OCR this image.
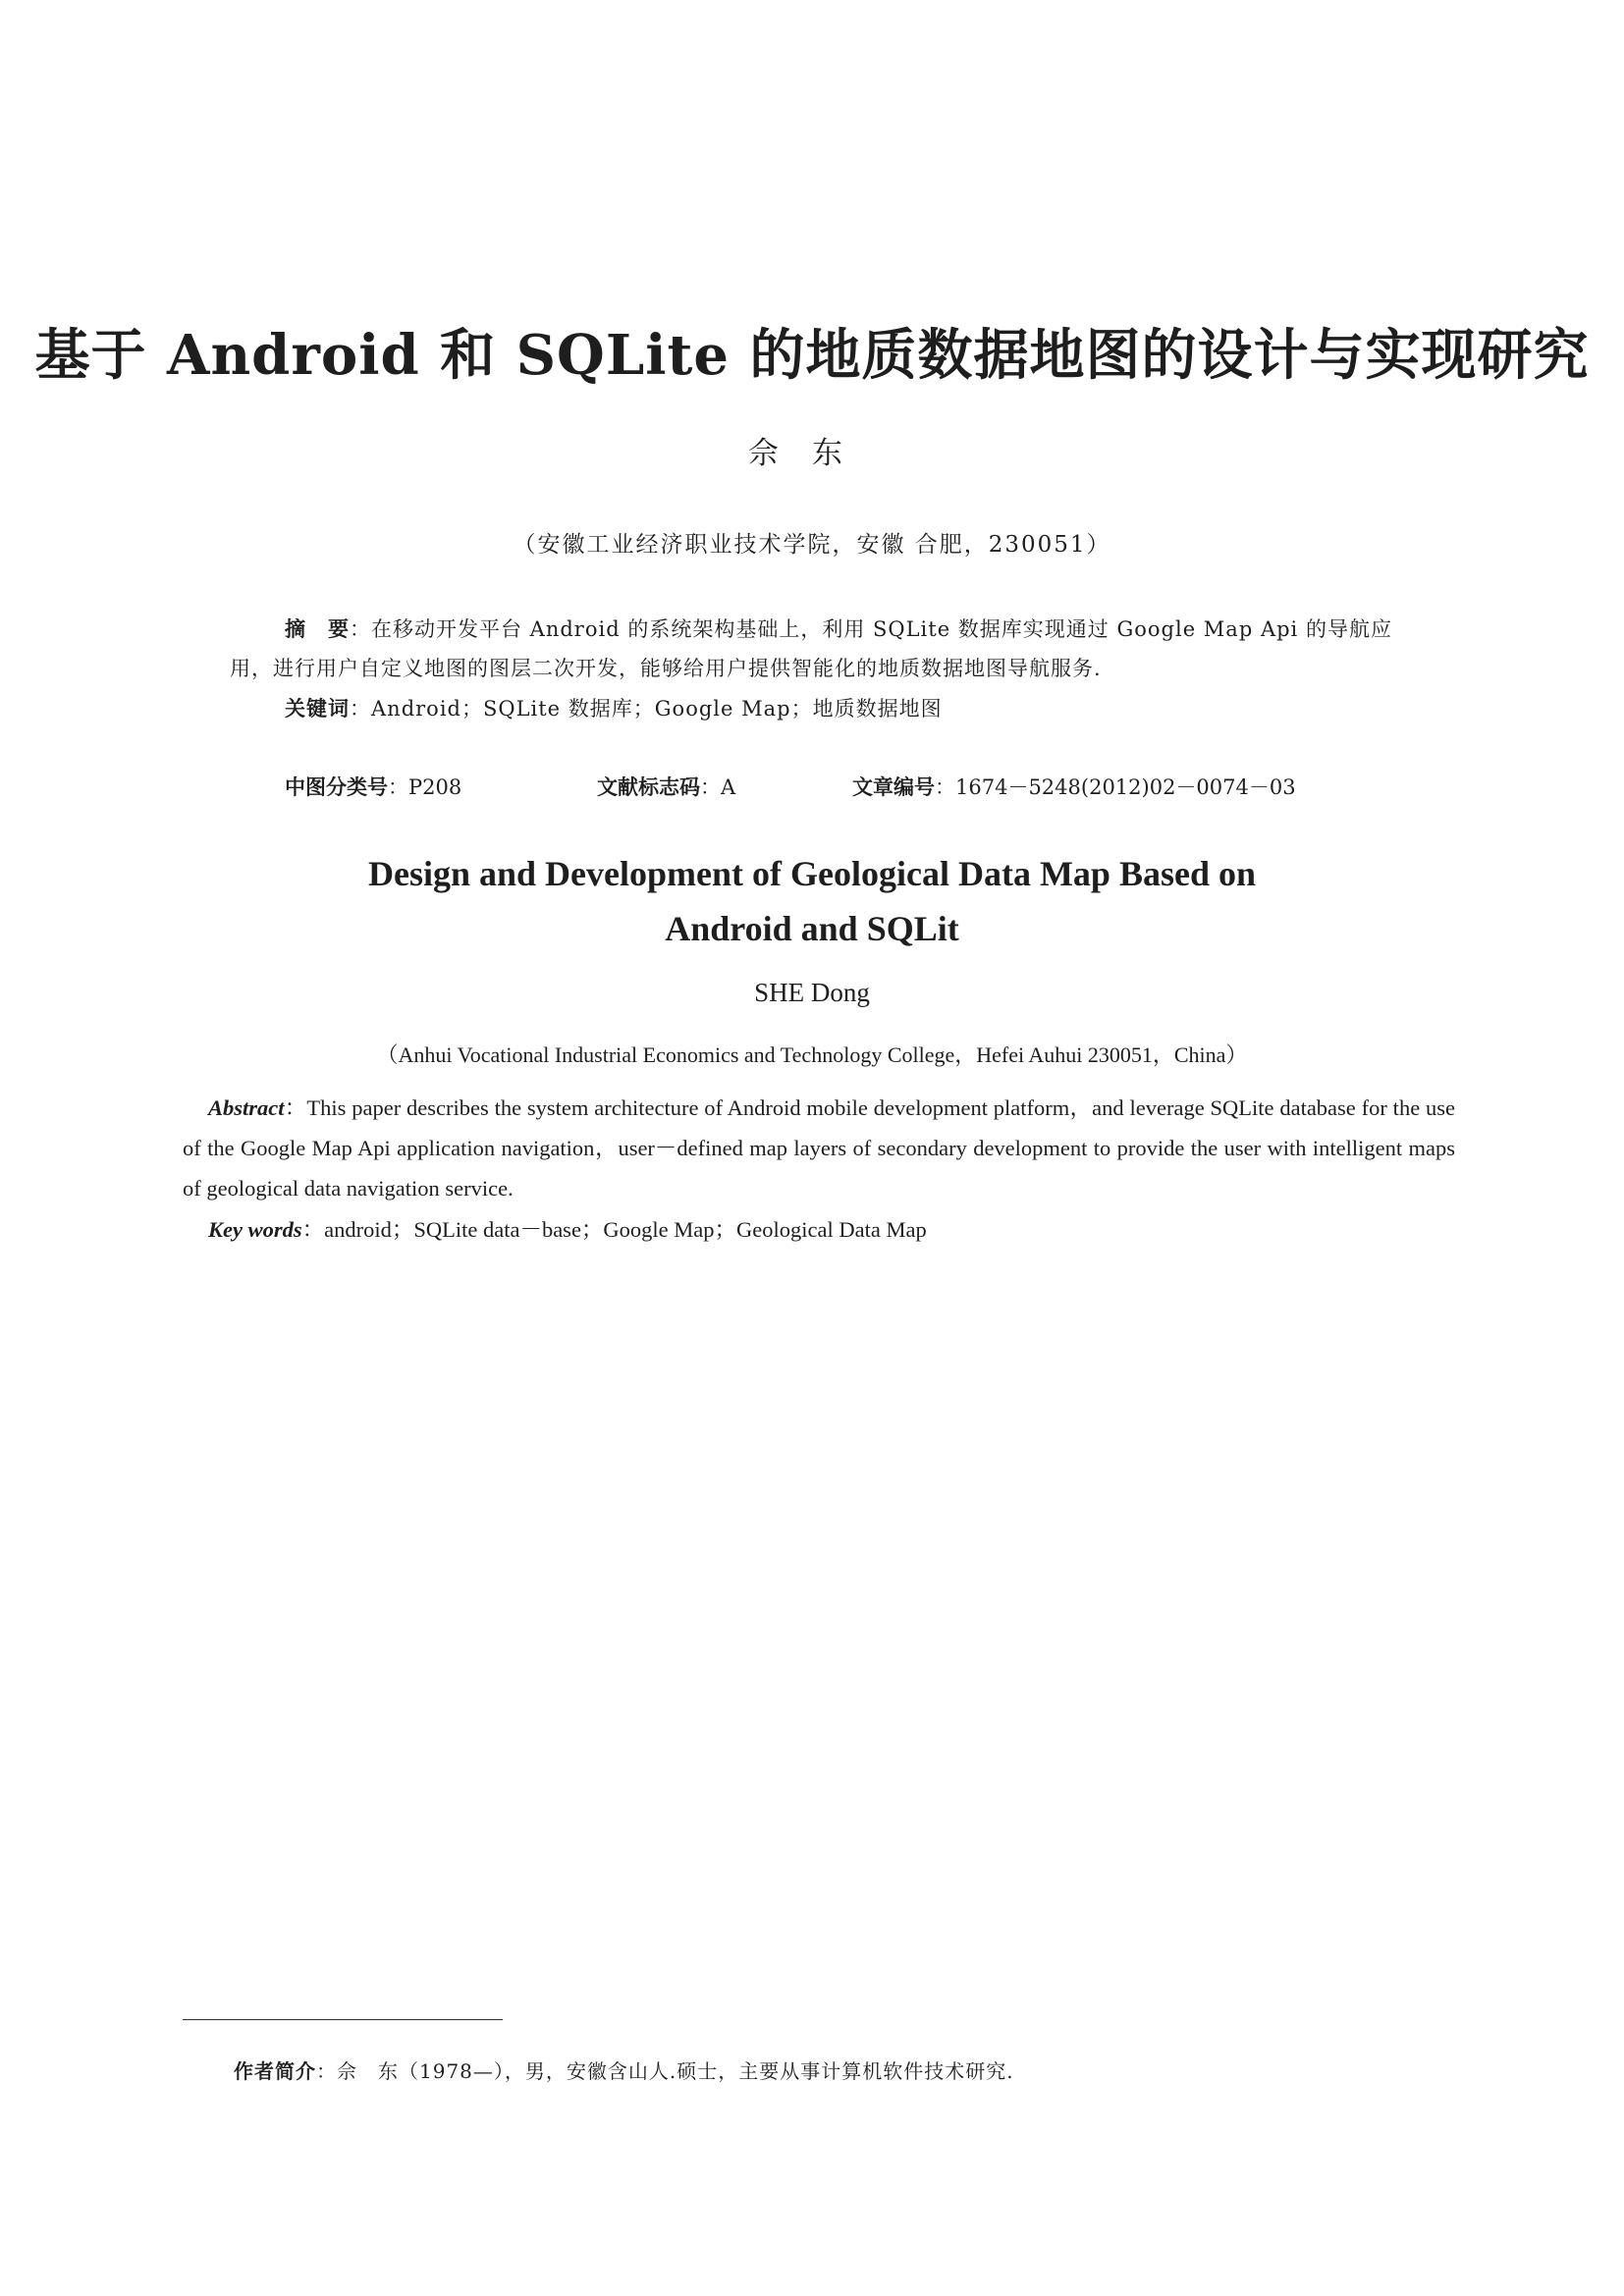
基于 Android 和 SQLite 的地质数据地图的设计与实现研究
佘东
（安徽工业经济职业技术学院，安徽 合肥，230051）
摘　要：在移动开发平台 Android 的系统架构基础上，利用 SQLite 数据库实现通过 Google Map Api 的导航应用，进行用户自定义地图的图层二次开发，能够给用户提供智能化的地质数据地图导航服务.
关键词：Android；SQLite 数据库；Google Map；地质数据地图
中图分类号：P208	文献标志码：A	文章编号：1674－5248(2012)02－0074－03
Design and Development of Geological Data Map Based on
Android and SQLit
SHE Dong
（Anhui Vocational Industrial Economics and Technology College，Hefei Auhui 230051，China）
Abstract：This paper describes the system architecture of Android mobile development platform，and leverage SQLite database for the use of the Google Map Api application navigation，user－defined map layers of secondary development to provide the user with intelligent maps of geological data navigation service.
Key words：android；SQLite data－base；Google Map；Geological Data Map
作者简介：佘　东（1978—），男，安徽含山人.硕士，主要从事计算机软件技术研究.
